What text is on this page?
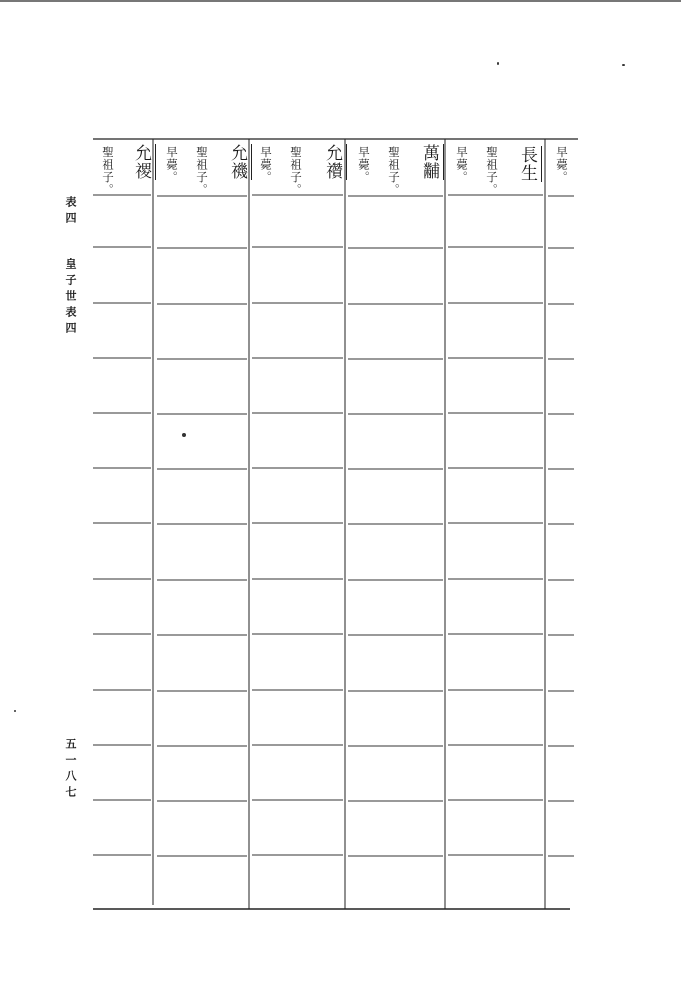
表四
皇子世表四
五一八七
長生
聖祖子。
早薨。
萬黼
聖祖子。
早薨。
允禶
聖祖子。
早薨。
允禨
聖祖子。
早薨。
允禝
聖祖子。	早薨。
